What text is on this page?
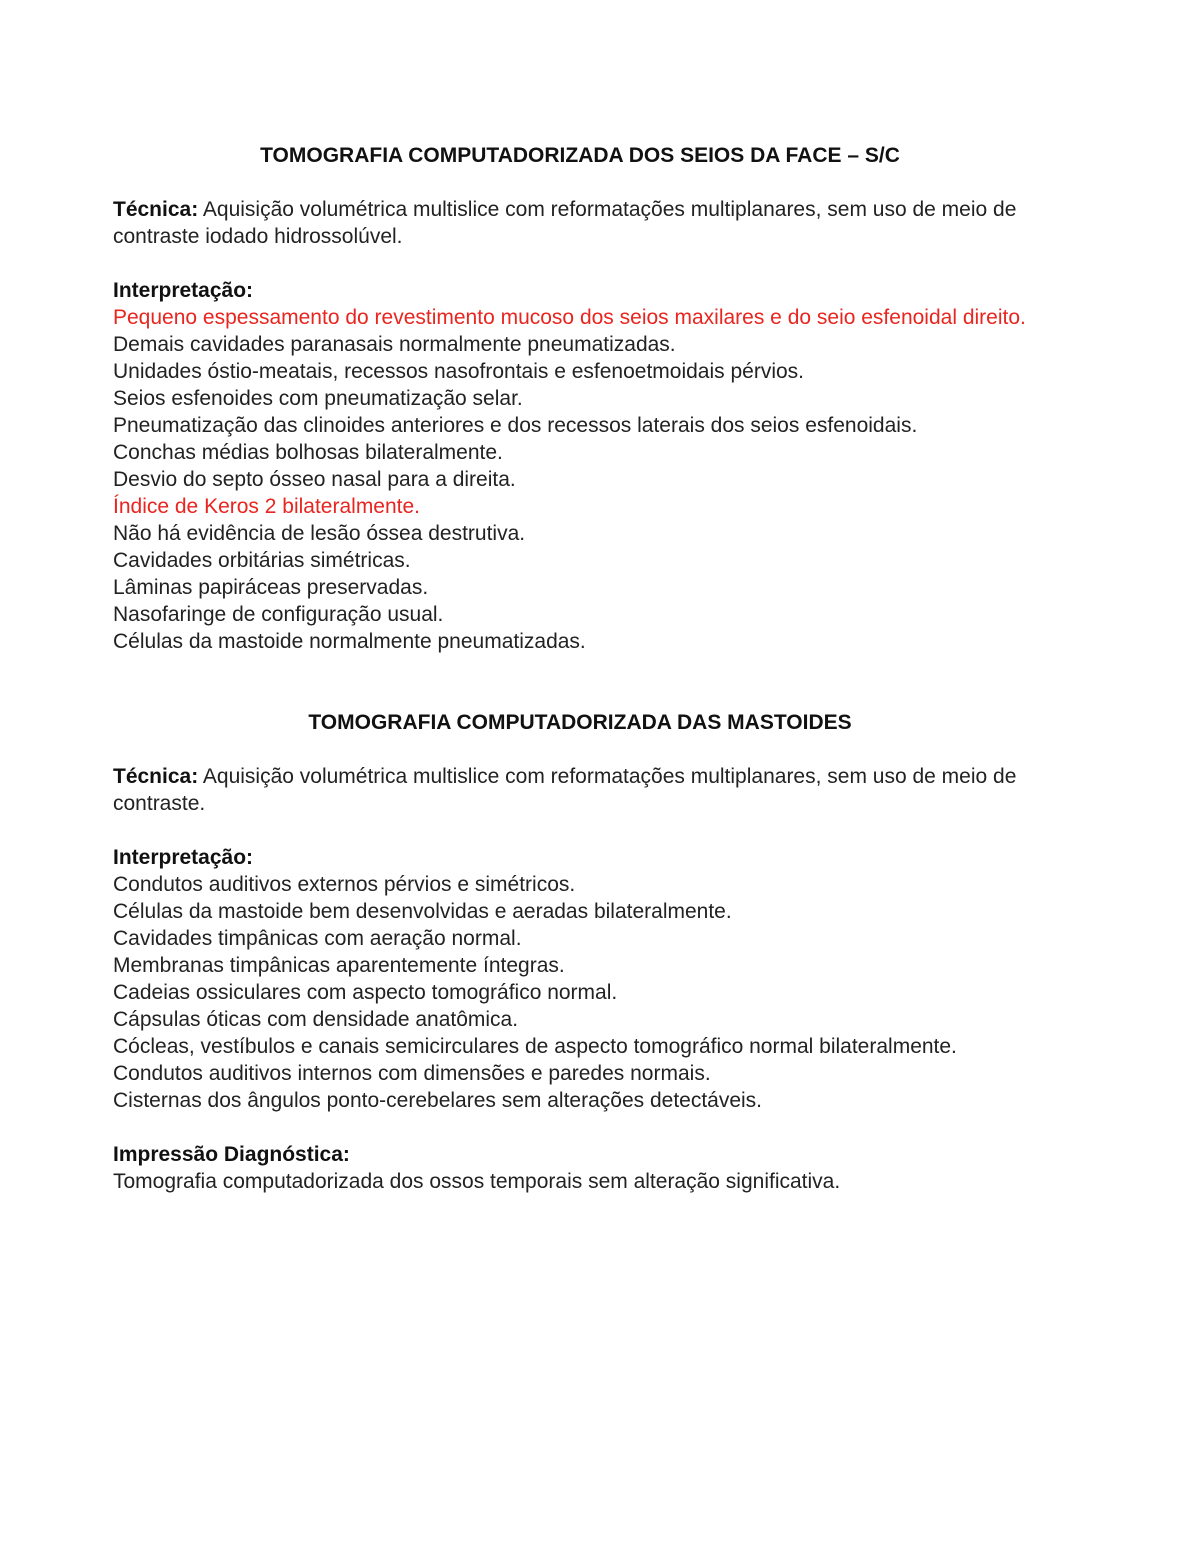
TOMOGRAFIA COMPUTADORIZADA DOS SEIOS DA FACE – S/C

Técnica: Aquisição volumétrica multislice com reformatações multiplanares, sem uso de meio de contraste iodado hidrossolúvel.

Interpretação:

Pequeno espessamento do revestimento mucoso dos seios maxilares e do seio esfenoidal direito.

Demais cavidades paranasais normalmente pneumatizadas.

Unidades óstio-meatais, recessos nasofrontais e esfenoetmoidais pérvios.

Seios esfenoides com pneumatização selar.

Pneumatização das clinoides anteriores e dos recessos laterais dos seios esfenoidais.

Conchas médias bolhosas bilateralmente.

Desvio do septo ósseo nasal para a direita.

Índice de Keros 2 bilateralmente.

Não há evidência de lesão óssea destrutiva.

Cavidades orbitárias simétricas.

Lâminas papiráceas preservadas.

Nasofaringe de configuração usual.

Células da mastoide normalmente pneumatizadas.

TOMOGRAFIA COMPUTADORIZADA DAS MASTOIDES

Técnica: Aquisição volumétrica multislice com reformatações multiplanares, sem uso de meio de contraste.

Interpretação:

Condutos auditivos externos pérvios e simétricos.

Células da mastoide bem desenvolvidas e aeradas bilateralmente.

Cavidades timpânicas com aeração normal.

Membranas timpânicas aparentemente íntegras.

Cadeias ossiculares com aspecto tomográfico normal.

Cápsulas óticas com densidade anatômica.

Cócleas, vestíbulos e canais semicirculares de aspecto tomográfico normal bilateralmente.

Condutos auditivos internos com dimensões e paredes normais.

Cisternas dos ângulos ponto-cerebelares sem alterações detectáveis.

Impressão Diagnóstica:

Tomografia computadorizada dos ossos temporais sem alteração significativa.
